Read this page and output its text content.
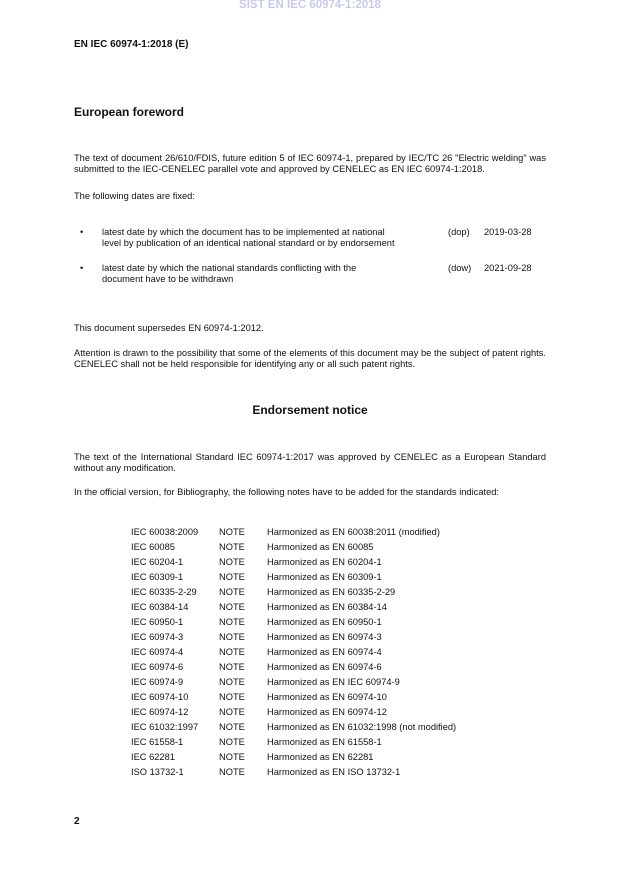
SIST EN IEC 60974-1:2018
EN IEC 60974-1:2018 (E)
European foreword
The text of document 26/610/FDIS, future edition 5 of IEC 60974-1, prepared by IEC/TC 26 "Electric welding" was submitted to the IEC-CENELEC parallel vote and approved by CENELEC as EN IEC 60974-1:2018.
The following dates are fixed:
• latest date by which the document has to be implemented at national
level by publication of an identical national standard or by endorsement
(dop) 2019-03-28
• latest date by which the national standards conflicting with the
document have to be withdrawn
(dow) 2021-09-28
This document supersedes EN 60974-1:2012.
Attention is drawn to the possibility that some of the elements of this document may be the subject of patent rights. CENELEC shall not be held responsible for identifying any or all such patent rights.
Endorsement notice
The text of the International Standard IEC 60974-1:2017 was approved by CENELEC as a European Standard without any modification.
In the official version, for Bibliography, the following notes have to be added for the standards indicated:
IEC 60038:2009 NOTE Harmonized as EN 60038:2011 (modified)
IEC 60085	NOTE Harmonized as EN 60085
IEC 60204-1	NOTE Harmonized as EN 60204-1
IEC 60309-1	NOTE Harmonized as EN 60309-1
IEC 60335-2-29 NOTE Harmonized as EN 60335-2-29
IEC 60384-14	NOTE Harmonized as EN 60384-14
IEC 60950-1	NOTE Harmonized as EN 60950-1
IEC 60974-3	NOTE Harmonized as EN 60974-3
IEC 60974-4	NOTE Harmonized as EN 60974-4
IEC 60974-6	NOTE Harmonized as EN 60974-6
IEC 60974-9	NOTE Harmonized as EN IEC 60974-9
IEC 60974-10	NOTE Harmonized as EN 60974-10
IEC 60974-12	NOTE Harmonized as EN 60974-12
IEC 61032:1997 NOTE Harmonized as EN 61032:1998 (not modified)
IEC 61558-1	NOTE Harmonized as EN 61558-1
IEC 62281	NOTE Harmonized as EN 62281
ISO 13732-1	NOTE Harmonized as EN ISO 13732-1
2
